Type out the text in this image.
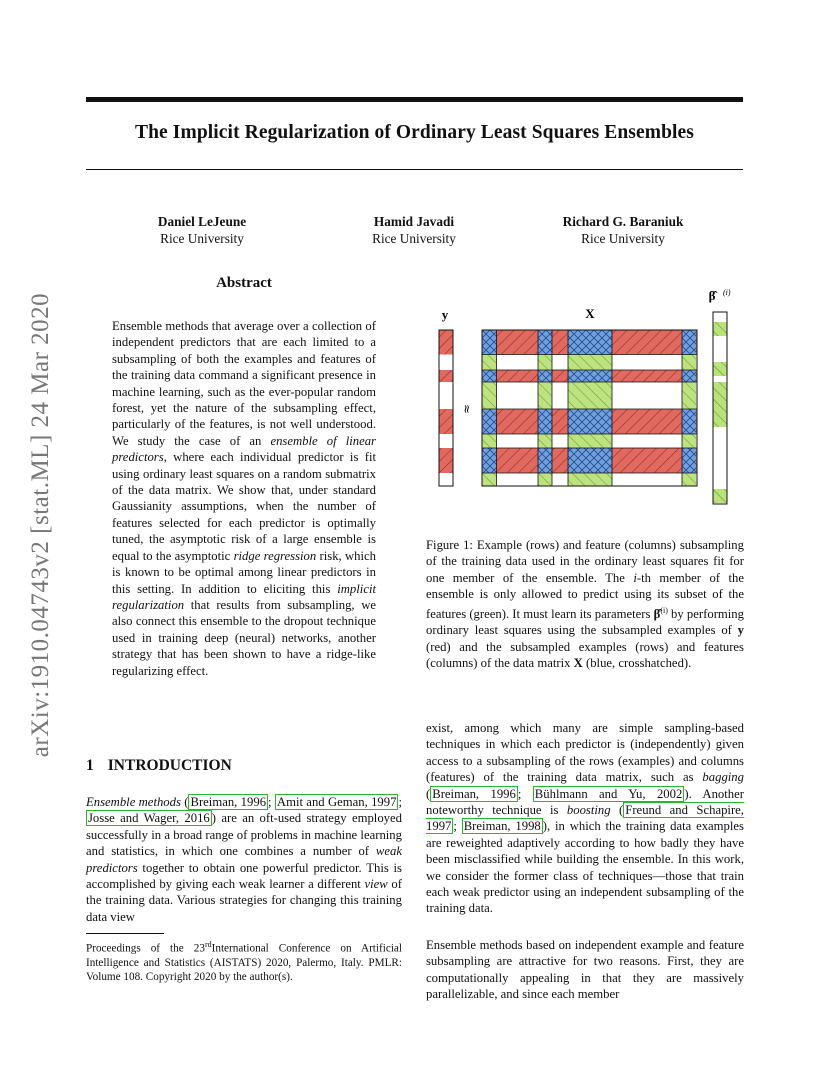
The Implicit Regularization of Ordinary Least Squares Ensembles
Daniel LeJeune
Rice University
Hamid Javadi
Rice University
Richard G. Baraniuk
Rice University
arXiv:1910.04743v2 [stat.ML] 24 Mar 2020
Abstract
Ensemble methods that average over a collection of independent predictors that are each limited to a subsampling of both the examples and features of the training data command a significant presence in machine learning, such as the ever-popular random forest, yet the nature of the subsampling effect, particularly of the features, is not well understood. We study the case of an ensemble of linear predictors, where each individual predictor is fit using ordinary least squares on a random submatrix of the data matrix. We show that, under standard Gaussianity assumptions, when the number of features selected for each predictor is optimally tuned, the asymptotic risk of a large ensemble is equal to the asymptotic ridge regression risk, which is known to be optimal among linear predictors in this setting. In addition to eliciting this implicit regularization that results from subsampling, we also connect this ensemble to the dropout technique used in training deep (neural) networks, another strategy that has been shown to have a ridge-like regularizing effect.
1 INTRODUCTION
Ensemble methods ( Breiman, 1996 ; Amit and Geman, 1997 ; Josse and Wager, 2016 ) are an oft-used strategy employed successfully in a broad range of problems in machine learning and statistics, in which one combines a number of weak predictors together to obtain one powerful predictor. This is accomplished by giving each weak learner a different view of the training data. Various strategies for changing this training data view
Proceedings of the 23rdInternational Conference on Artificial Intelligence and Statistics (AISTATS) 2020, Palermo, Italy. PMLR: Volume 108. Copyright 2020 by the author(s).
y	X
β̂ (i)
≈
Figure 1: Example (rows) and feature (columns) subsampling of the training data used in the ordinary least squares fit for one member of the ensemble. The i-th member of the ensemble is only allowed to predict using its subset of the features (green). It must learn its parameters β̂$^{(i)}$ by performing ordinary least squares using the subsampled examples of y (red) and the subsampled examples (rows) and features (columns) of the data matrix X (blue, crosshatched).
exist, among which many are simple sampling-based techniques in which each predictor is (independently) given access to a subsampling of the rows (examples) and columns (features) of the training data matrix, such as bagging ( Breiman, 1996 ; Bühlmann and Yu, 2002 ). Another noteworthy technique is boosting ( Freund and Schapire, 1997 ; Breiman, 1998 ), in which the training data examples are reweighted adaptively according to how badly they have been misclassified while building the ensemble. In this work, we consider the former class of techniques—those that train each weak predictor using an independent subsampling of the training data.
Ensemble methods based on independent example and feature subsampling are attractive for two reasons. First, they are computationally appealing in that they are massively parallelizable, and since each member
